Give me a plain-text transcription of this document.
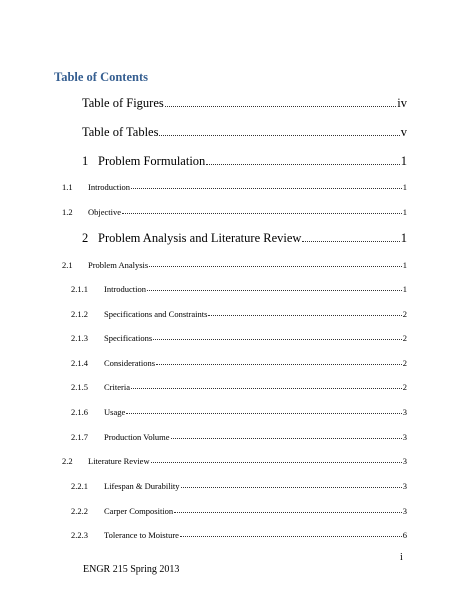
Table of Contents
Table of Figures	iv
Table of Tables	v
1 Problem Formulation	1
1.1	Introduction	1
1.2	Objective	1
2 Problem Analysis and Literature Review	1
2.1	Problem Analysis	1
2.1.1	Introduction	1
2.1.2	Specifications and Constraints	2
2.1.3	Specifications	2
2.1.4	Considerations	2
2.1.5	Criteria	2
2.1.6	Usage	3
2.1.7	Production Volume	3
2.2	Literature Review	3
2.2.1	Lifespan & Durability	3
2.2.2	Carper Composition	3
2.2.3	Tolerance to Moisture	6
i
ENGR 215 Spring 2013
